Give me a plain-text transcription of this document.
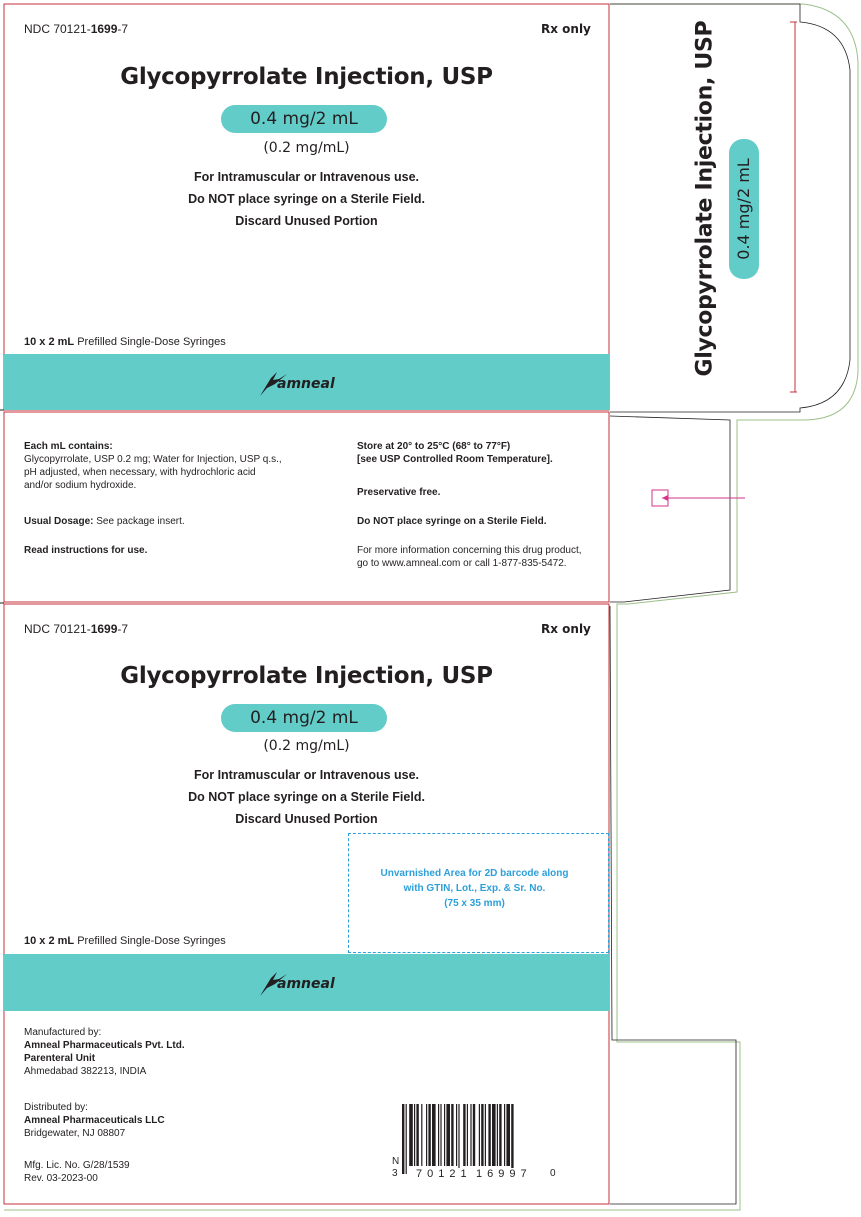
NDC 70121-1699-7	Rx only
Glycopyrrolate Injection, USP
0.4 mg/2 mL
(0.2 mg/mL)
For Intramuscular or Intravenous use.
Do NOT place syringe on a Sterile Field.
Discard Unused Portion
10 x 2 mL Prefilled Single-Dose Syringes
amneal
Glycopyrrolate Injection, USP	0.4 mg/2 mL
Each mL contains:
Glycopyrrolate, USP 0.2 mg; Water for Injection, USP q.s.,
pH adjusted, when necessary, with hydrochloric acid
and/or sodium hydroxide.
Usual Dosage: See package insert.
Read instructions for use.
Store at 20° to 25°C (68° to 77°F)
[see USP Controlled Room Temperature].
Preservative free.
Do NOT place syringe on a Sterile Field.
For more information concerning this drug product,
go to www.amneal.com or call 1-877-835-5472.
NDC 70121-1699-7	Rx only
Glycopyrrolate Injection, USP
0.4 mg/2 mL
(0.2 mg/mL)
For Intramuscular or Intravenous use.
Do NOT place syringe on a Sterile Field.
Discard Unused Portion
Unvarnished Area for 2D barcode along
with GTIN, Lot., Exp. & Sr. No.
(75 x 35 mm)
10 x 2 mL Prefilled Single-Dose Syringes
amneal
Manufactured by:
Amneal Pharmaceuticals Pvt. Ltd.
Parenteral Unit
Ahmedabad 382213, INDIA
Distributed by:
Amneal Pharmaceuticals LLC
Bridgewater, NJ 08807
Mfg. Lic. No. G/28/1539
Rev. 03-2023-00
N
3 70121 16997 0
